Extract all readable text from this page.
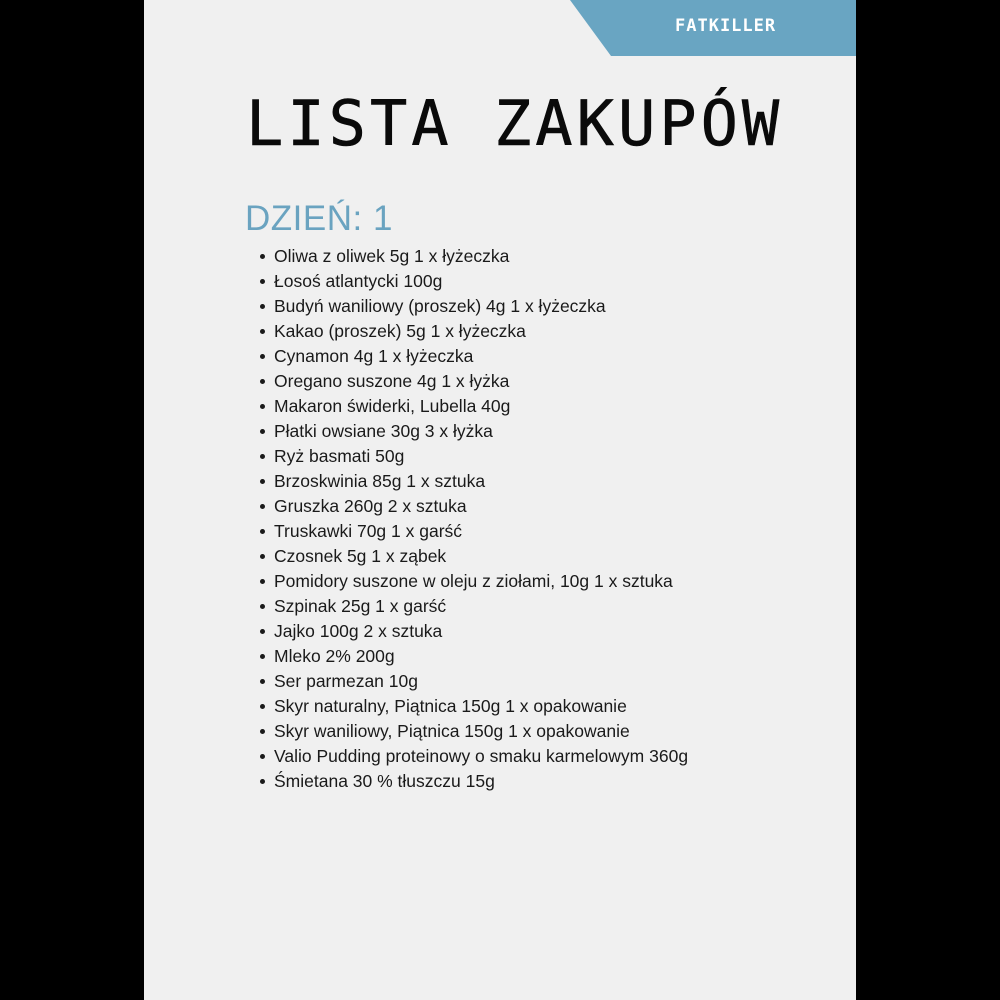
FATKILLER
LISTA ZAKUPÓW
DZIEŃ: 1
Oliwa z oliwek 5g 1 x łyżeczka
Łosoś atlantycki 100g
Budyń waniliowy (proszek) 4g 1 x łyżeczka
Kakao (proszek) 5g 1 x łyżeczka
Cynamon 4g 1 x łyżeczka
Oregano suszone 4g 1 x łyżka
Makaron świderki, Lubella 40g
Płatki owsiane 30g 3 x łyżka
Ryż basmati 50g
Brzoskwinia 85g 1 x sztuka
Gruszka 260g 2 x sztuka
Truskawki 70g 1 x garść
Czosnek 5g 1 x ząbek
Pomidory suszone w oleju z ziołami, 10g 1 x sztuka
Szpinak 25g 1 x garść
Jajko 100g 2 x sztuka
Mleko 2% 200g
Ser parmezan 10g
Skyr naturalny, Piątnica 150g 1 x opakowanie
Skyr waniliowy, Piątnica 150g 1 x opakowanie
Valio Pudding proteinowy o smaku karmelowym 360g
Śmietana 30 % tłuszczu 15g
